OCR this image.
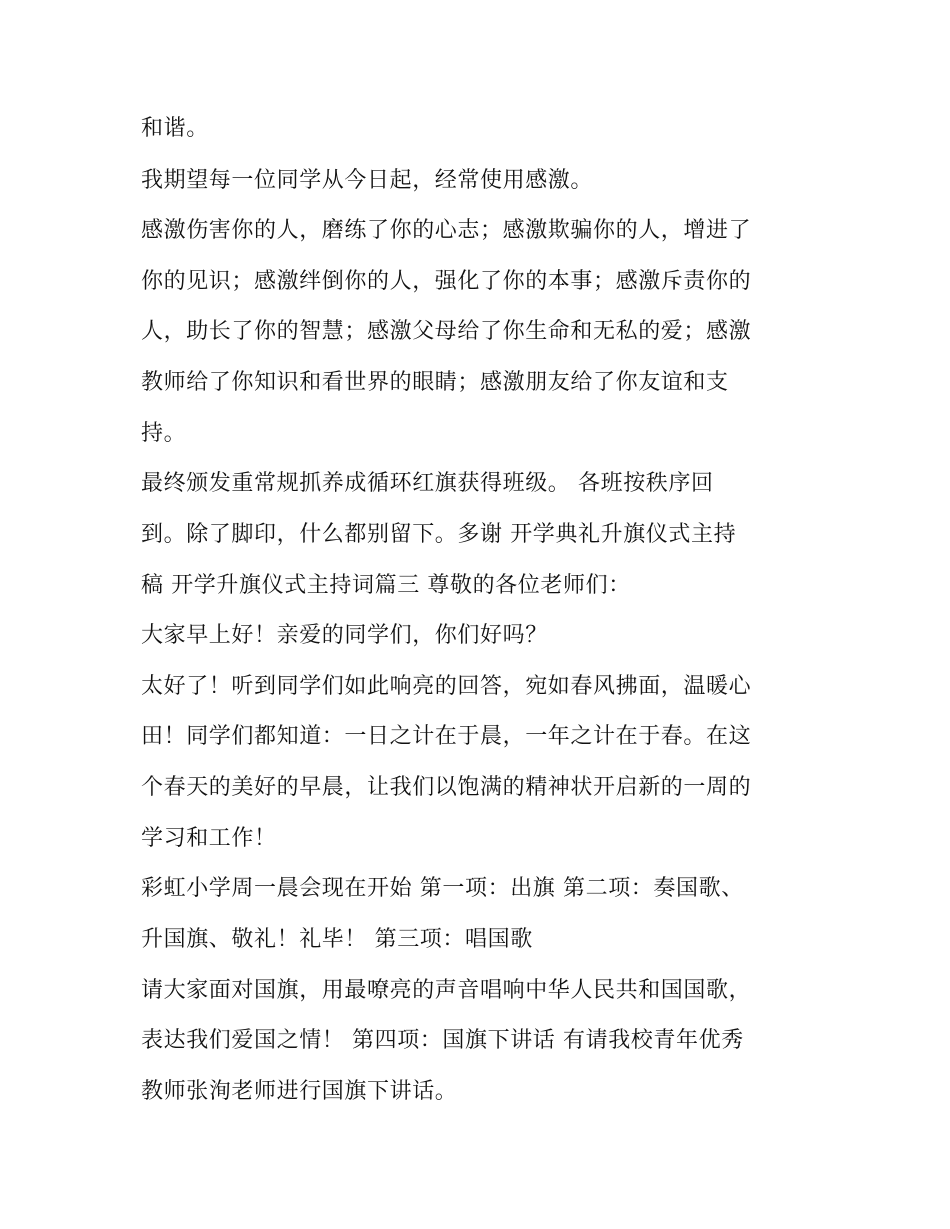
和谐。
我期望每一位同学从今日起，经常使用感激。
感激伤害你的人，磨练了你的心志；感激欺骗你的人，增进了
你的见识；感激绊倒你的人，强化了你的本事；感激斥责你的
人，助长了你的智慧；感激父母给了你生命和无私的爱；感激
教师给了你知识和看世界的眼睛；感激朋友给了你友谊和支
持。
最终颁发重常规抓养成循环红旗获得班级。 各班按秩序回
到。除了脚印，什么都别留下。多谢 开学典礼升旗仪式主持
稿 开学升旗仪式主持词篇三 尊敬的各位老师们：
大家早上好！亲爱的同学们，你们好吗？
太好了！听到同学们如此响亮的回答，宛如春风拂面，温暖心
田！同学们都知道：一日之计在于晨，一年之计在于春。在这
个春天的美好的早晨，让我们以饱满的精神状开启新的一周的
学习和工作！
彩虹小学周一晨会现在开始 第一项：出旗 第二项：奏国歌、
升国旗、敬礼！礼毕！ 第三项：唱国歌
请大家面对国旗，用最嘹亮的声音唱响中华人民共和国国歌，
表达我们爱国之情！ 第四项：国旗下讲话 有请我校青年优秀
教师张洵老师进行国旗下讲话。
